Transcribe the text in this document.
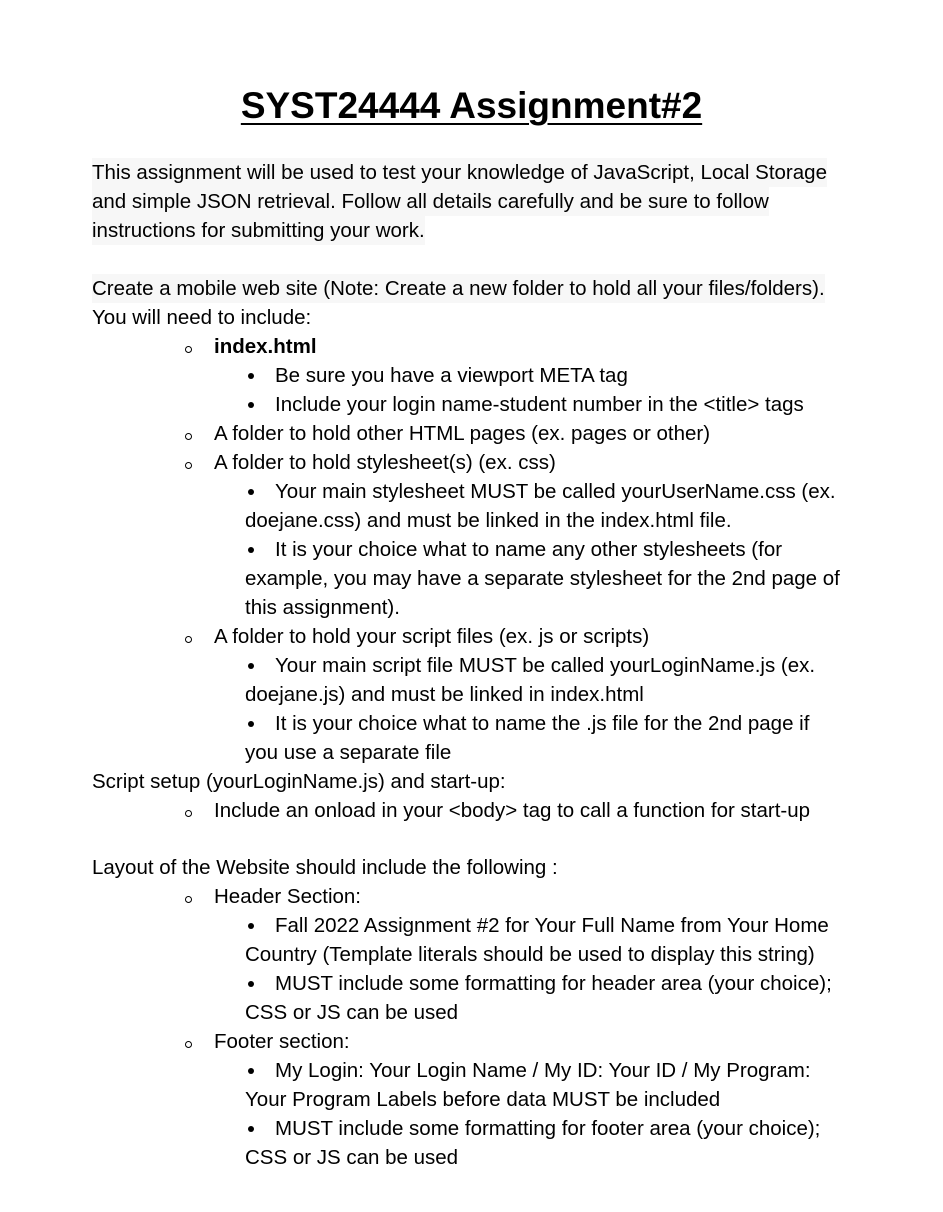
SYST24444 Assignment#2
This assignment will be used to test your knowledge of JavaScript, Local Storage
and simple JSON retrieval. Follow all details carefully and be sure to follow
instructions for submitting your work.
Create a mobile web site (Note: Create a new folder to hold all your files/folders).
You will need to include:
index.html
Be sure you have a viewport META tag
Include your login name-student number in the <title> tags
A folder to hold other HTML pages (ex. pages or other)
A folder to hold stylesheet(s) (ex. css)
Your main stylesheet MUST be called yourUserName.css (ex.
doejane.css) and must be linked in the index.html file.
It is your choice what to name any other stylesheets (for
example, you may have a separate stylesheet for the 2nd page of
this assignment).
A folder to hold your script files (ex. js or scripts)
Your main script file MUST be called yourLoginName.js (ex.
doejane.js) and must be linked in index.html
It is your choice what to name the .js file for the 2nd page if
you use a separate file
Script setup (yourLoginName.js) and start-up:
Include an onload in your <body> tag to call a function for start-up
Layout of the Website should include the following :
Header Section:
Fall 2022 Assignment #2 for Your Full Name from Your Home
Country (Template literals should be used to display this string)
MUST include some formatting for header area (your choice);
CSS or JS can be used
Footer section:
My Login: Your Login Name / My ID: Your ID / My Program:
Your Program Labels before data MUST be included
MUST include some formatting for footer area (your choice);
CSS or JS can be used
